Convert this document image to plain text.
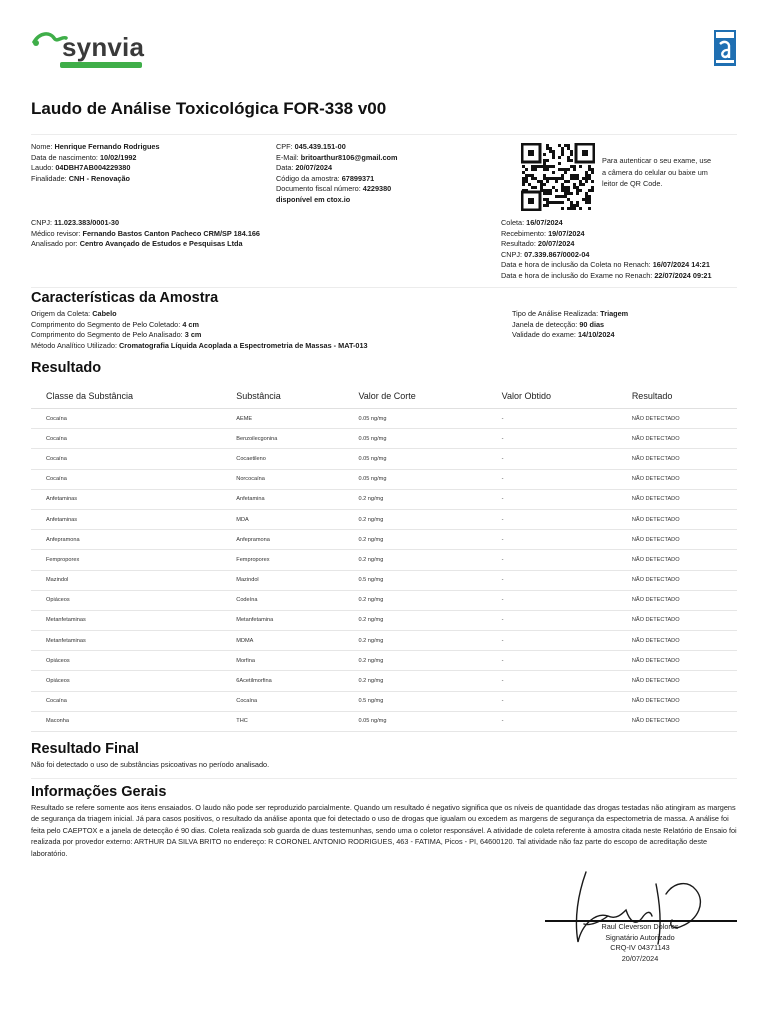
synvia
Laudo de Análise Toxicológica FOR-338 v00
Nome: Henrique Fernando Rodrigues
Data de nascimento: 10/02/1992
Laudo: 04DBH7AB004229380
Finalidade: CNH - Renovação
CPF: 045.439.151-00
E-Mail: britoarthur8106@gmail.com
Data: 20/07/2024
Código da amostra: 67899371
Documento fiscal número: 4229380
disponível em ctox.io
Para autenticar o seu exame, use a câmera do celular ou baixe um leitor de QR Code.
CNPJ: 11.023.383/0001-30
Médico revisor: Fernando Bastos Canton Pacheco CRM/SP 184.166
Analisado por: Centro Avançado de Estudos e Pesquisas Ltda
Coleta: 16/07/2024
Recebimento: 19/07/2024
Resultado: 20/07/2024
CNPJ: 07.339.867/0002-04
Data e hora de inclusão da Coleta no Renach: 16/07/2024 14:21
Data e hora de inclusão do Exame no Renach: 22/07/2024 09:21
Características da Amostra
Origem da Coleta: Cabelo
Comprimento do Segmento de Pelo Coletado: 4 cm
Comprimento do Segmento de Pelo Analisado: 3 cm
Método Analítico Utilizado: Cromatografia Líquida Acoplada a Espectrometria de Massas - MAT-013
Tipo de Análise Realizada: Triagem
Janela de detecção: 90 dias
Validade do exame: 14/10/2024
Resultado
Classe da Substância	Substância	Valor de Corte	Valor Obtido	Resultado
Cocaína	AEME	0.05 ng/mg	-	NÃO DETECTADO
Cocaína	Benzoilecgonina	0.05 ng/mg	-	NÃO DETECTADO
Cocaína	Cocaetileno	0.05 ng/mg	-	NÃO DETECTADO
Cocaína	Norcocaína	0.05 ng/mg	-	NÃO DETECTADO
Anfetaminas	Anfetamina	0.2 ng/mg	-	NÃO DETECTADO
Anfetaminas	MDA	0.2 ng/mg	-	NÃO DETECTADO
Anfepramona	Anfepramona	0.2 ng/mg	-	NÃO DETECTADO
Femproporex	Femproporex	0.2 ng/mg	-	NÃO DETECTADO
Mazindol	Mazindol	0.5 ng/mg	-	NÃO DETECTADO
Opiáceos	Codeína	0.2 ng/mg	-	NÃO DETECTADO
Metanfetaminas	Metanfetamina	0.2 ng/mg	-	NÃO DETECTADO
Metanfetaminas	MDMA	0.2 ng/mg	-	NÃO DETECTADO
Opiáceos	Morfina	0.2 ng/mg	-	NÃO DETECTADO
Opiáceos	6Acetilmorfina	0.2 ng/mg	-	NÃO DETECTADO
Cocaína	Cocaína	0.5 ng/mg	-	NÃO DETECTADO
Maconha	THC	0.05 ng/mg	-	NÃO DETECTADO
Resultado Final
Não foi detectado o uso de substâncias psicoativas no período analisado.
Informações Gerais
Resultado se refere somente aos itens ensaiados. O laudo não pode ser reproduzido parcialmente. Quando um resultado é negativo significa que os níveis de quantidade das drogas testadas não atingiram as margens de segurança da triagem inicial. Já para casos positivos, o resultado da análise aponta que foi detectado o uso de drogas que igualam ou excedem as margens de segurança da espectometria de massa. A análise foi feita pelo CAEPTOX e a janela de detecção é 90 dias. Coleta realizada sob guarda de duas testemunhas, sendo uma o coletor responsável. A atividade de coleta referente à amostra citada neste Relatório de Ensaio foi realizada por provedor externo: ARTHUR DA SILVA BRITO no endereço: R CORONEL ANTONIO RODRIGUES, 463 - FATIMA, Picos - PI, 64600120. Tal atividade não faz parte do escopo de acreditação deste laboratório.
Raul Cleverson Dolores
Signatário Autorizado
CRQ-IV 04371143
20/07/2024
